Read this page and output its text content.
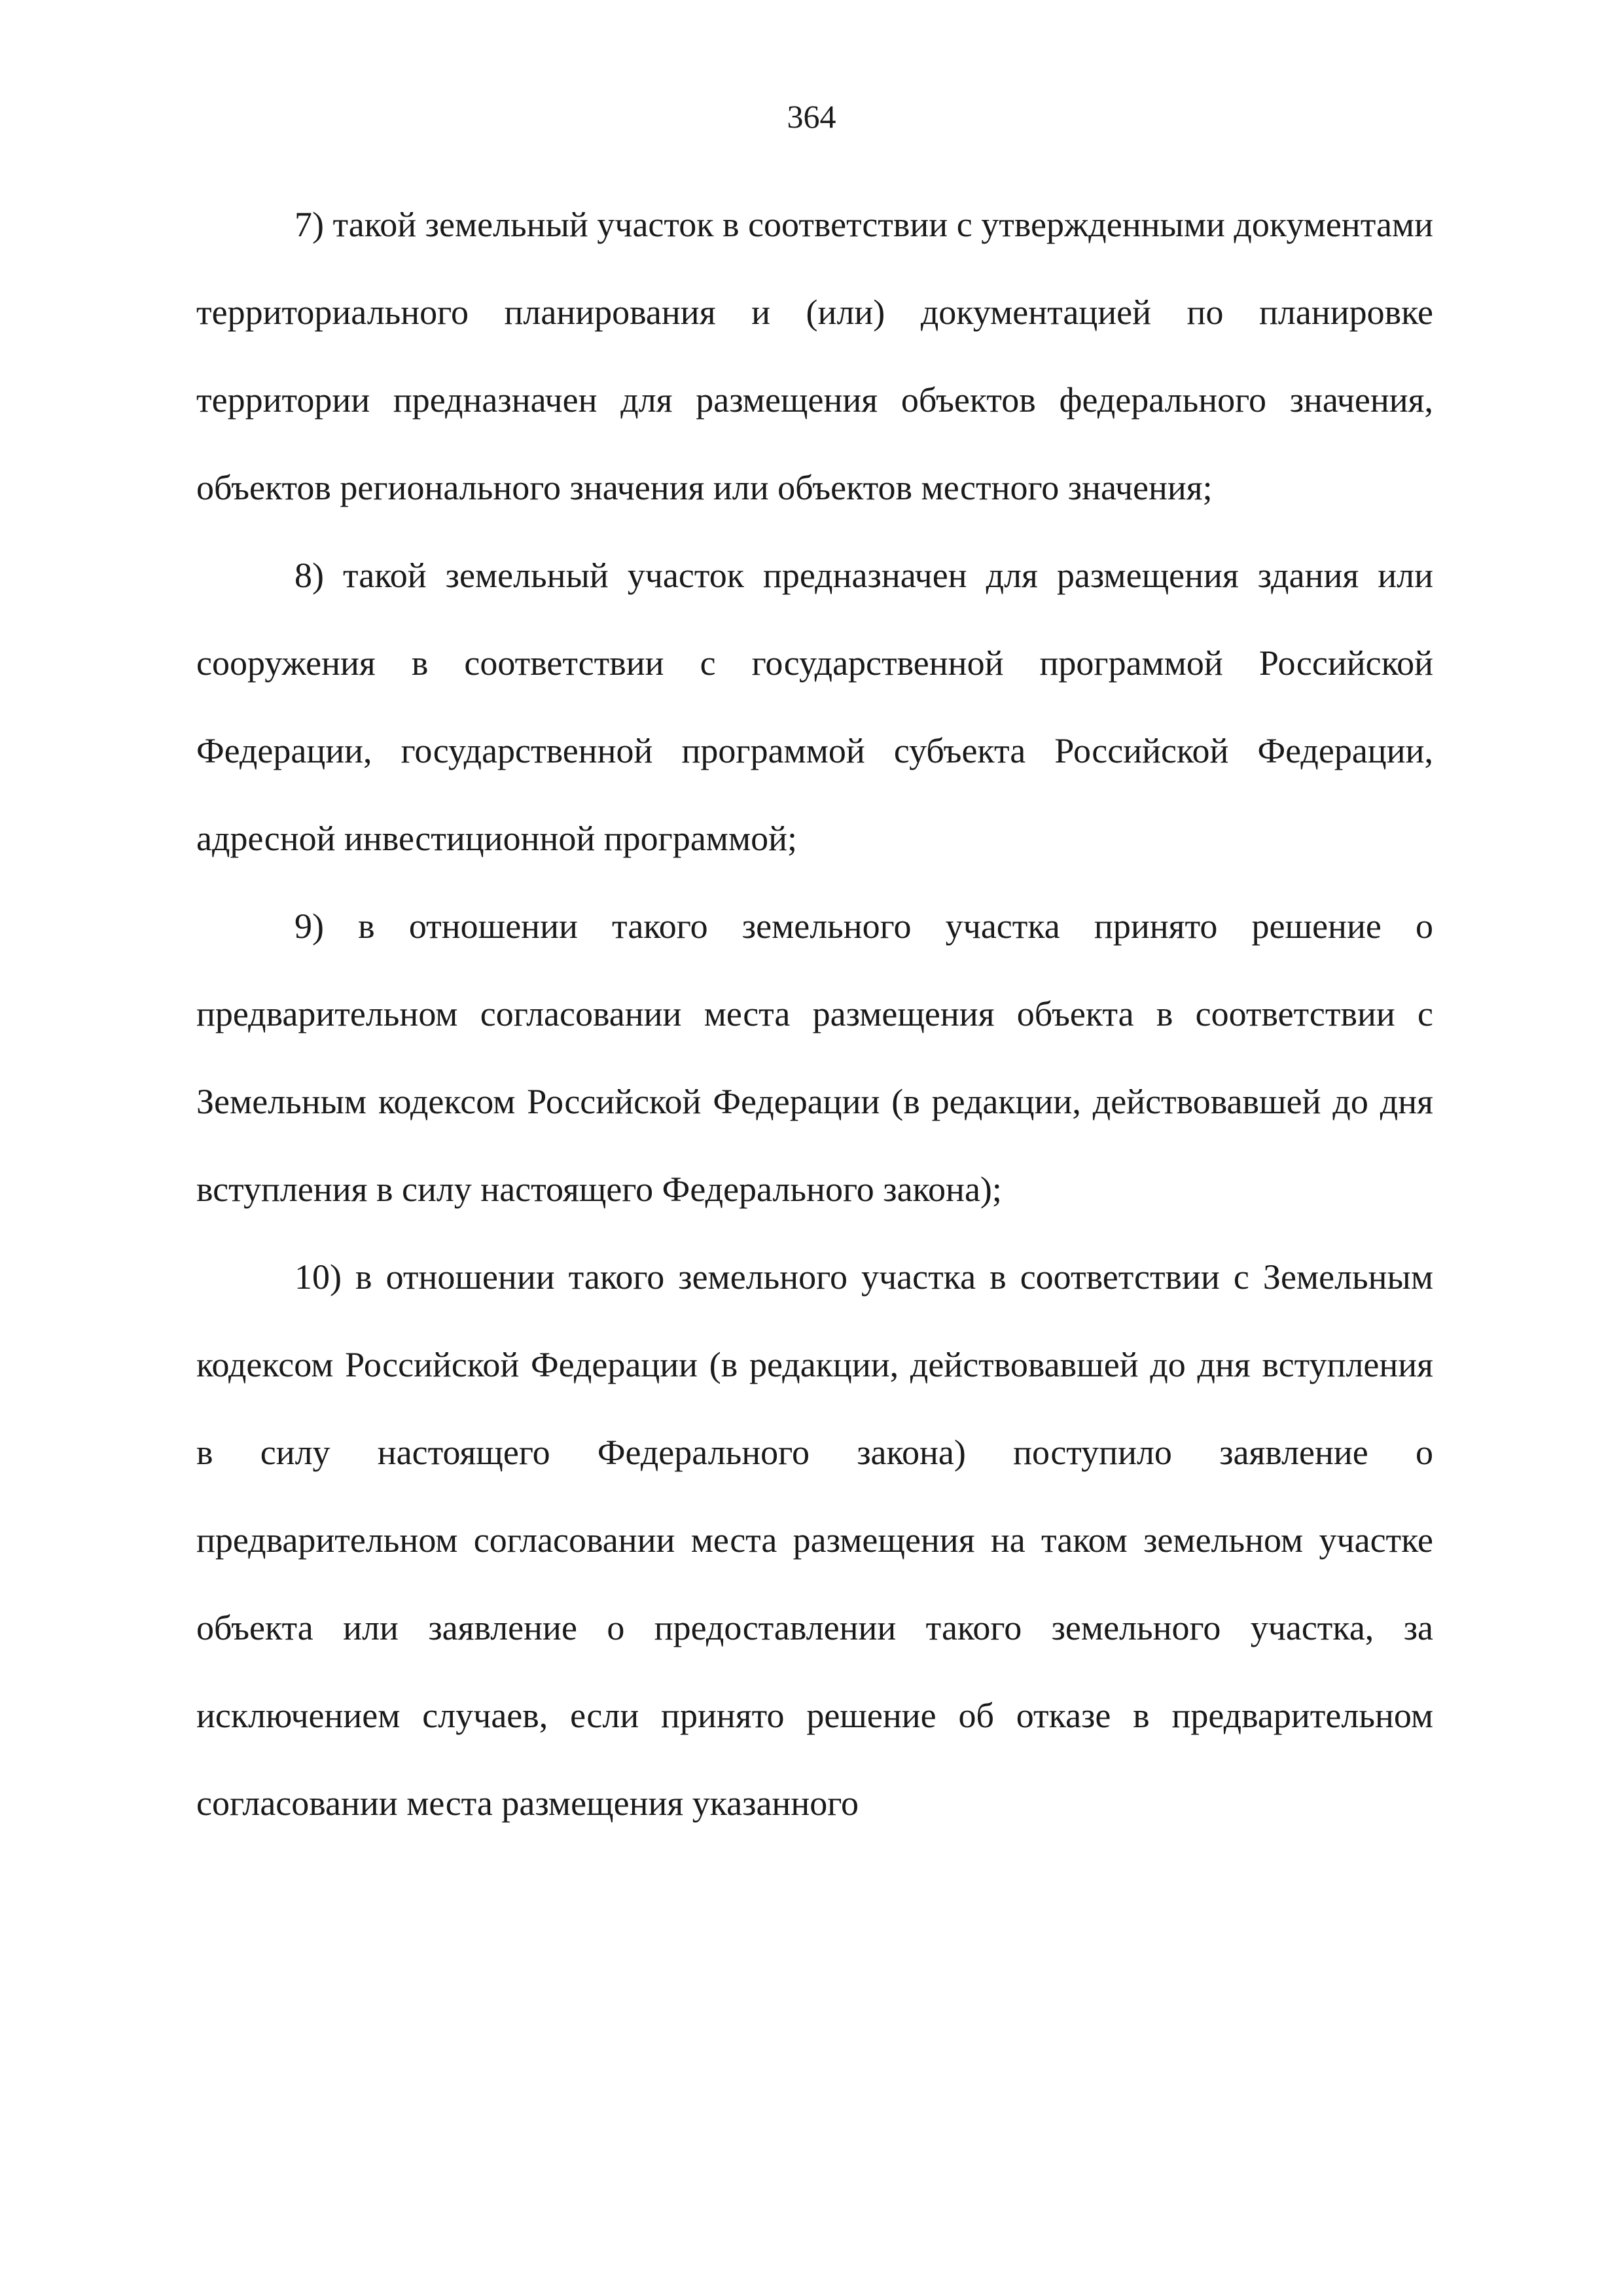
364

7) такой земельный участок в соответствии с утвержденными документами территориального планирования и (или) документацией по планировке территории предназначен для размещения объектов федерального значения, объектов регионального значения или объектов местного значения;

8) такой земельный участок предназначен для размещения здания или сооружения в соответствии с государственной программой Российской Федерации, государственной программой субъекта Российской Федерации, адресной инвестиционной программой;

9) в отношении такого земельного участка принято решение о предварительном согласовании места размещения объекта в соответствии с Земельным кодексом Российской Федерации (в редакции, действовавшей до дня вступления в силу настоящего Федерального закона);

10) в отношении такого земельного участка в соответствии с Земельным кодексом Российской Федерации (в редакции, действовавшей до дня вступления в силу настоящего Федерального закона) поступило заявление о предварительном согласовании места размещения на таком земельном участке объекта или заявление о предоставлении такого земельного участка, за исключением случаев, если принято решение об отказе в предварительном согласовании места размещения указанного
